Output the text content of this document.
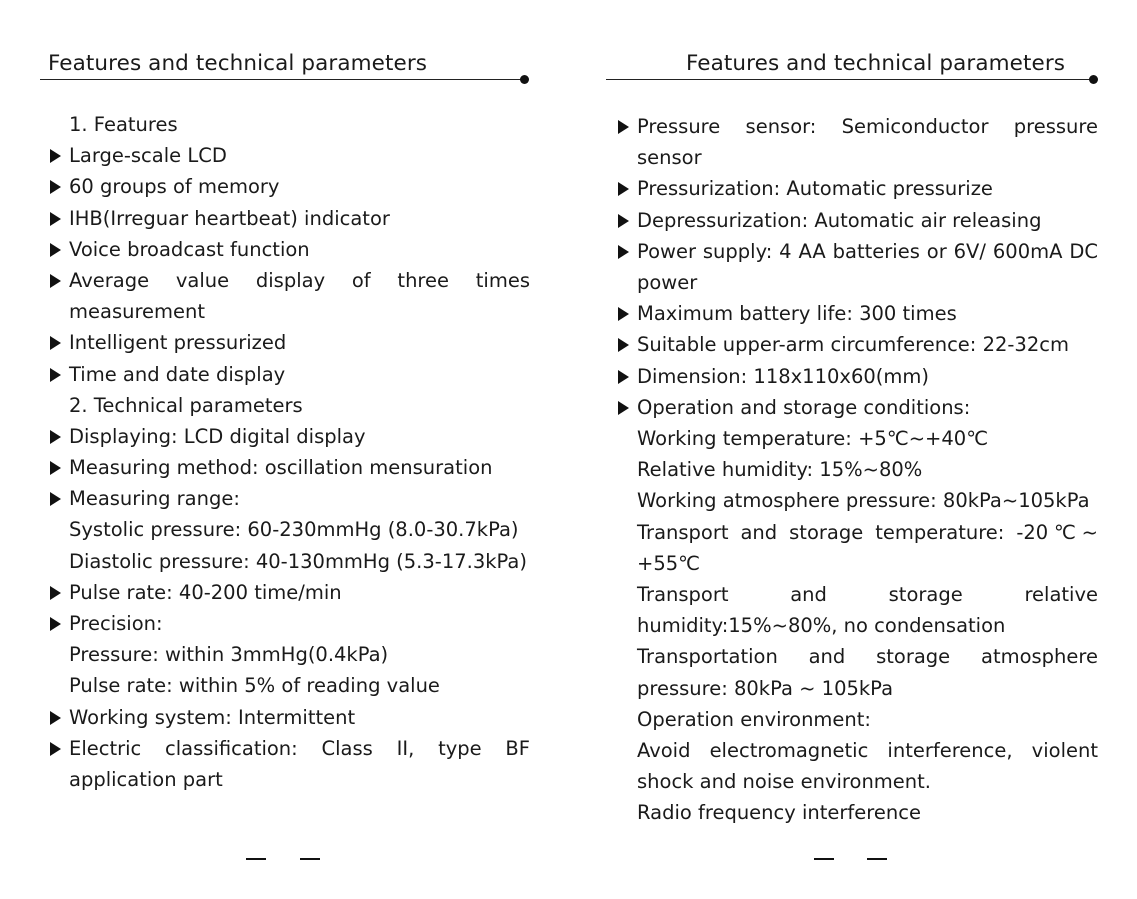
Features and technical parameters
1. Features
Large-scale LCD
60 groups of memory
IHB(Irreguar heartbeat) indicator
Voice broadcast function
Average value display of three times measurement
Intelligent pressurized
Time and date display
2. Technical parameters
Displaying: LCD digital display
Measuring method: oscillation mensuration
Measuring range:
Systolic pressure: 60-230mmHg (8.0-30.7kPa)
Diastolic pressure: 40-130mmHg (5.3-17.3kPa)
Pulse rate: 40-200 time/min
Precision:
Pressure: within 3mmHg(0.4kPa)
Pulse rate: within 5% of reading value
Working system: Intermittent
Electric classification: Class II, type BF application part
Features and technical parameters
Pressure sensor: Semiconductor pressure sensor
Pressurization: Automatic pressurize
Depressurization: Automatic air releasing
Power supply: 4 AA batteries or 6V/ 600mA DC power
Maximum battery life: 300 times
Suitable upper-arm circumference: 22-32cm
Dimension: 118x110x60(mm)
Operation and storage conditions:
Working temperature: +5℃~+40℃
Relative humidity: 15%~80%
Working atmosphere pressure: 80kPa~105kPa
Transport and storage temperature: -20℃~ +55℃
Transport and storage relative humidity:15%~80%, no condensation
Transportation and storage atmosphere pressure: 80kPa ~ 105kPa
Operation environment:
Avoid electromagnetic interference, violent shock and noise environment.
Radio frequency interference
